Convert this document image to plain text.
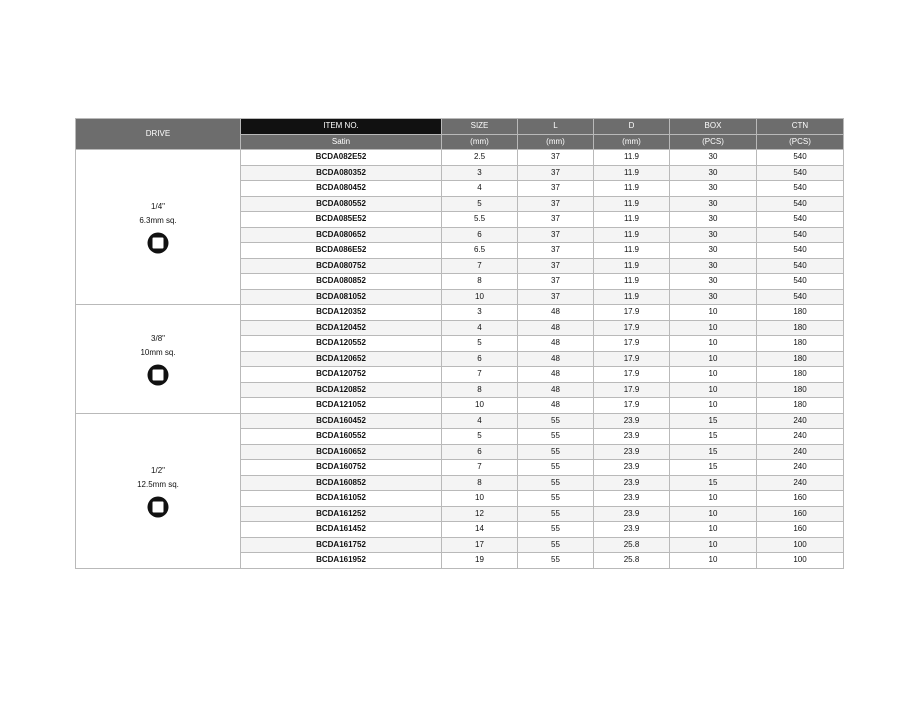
DRIVE	ITEM NO.	SIZE	L	D	BOX	CTN
	Satin	(mm)	(mm)	(mm)	(PCS)	(PCS)

1/4"
6.3mm sq.	BCDA082E52	2.5	37	11.9	30	540
	BCDA080352	3	37	11.9	30	540
	BCDA080452	4	37	11.9	30	540
	BCDA080552	5	37	11.9	30	540
	BCDA085E52	5.5	37	11.9	30	540
	BCDA080652	6	37	11.9	30	540
	BCDA086E52	6.5	37	11.9	30	540
	BCDA080752	7	37	11.9	30	540
	BCDA080852	8	37	11.9	30	540
	BCDA081052	10	37	11.9	30	540

3/8"
10mm sq.	BCDA120352	3	48	17.9	10	180
	BCDA120452	4	48	17.9	10	180
	BCDA120552	5	48	17.9	10	180
	BCDA120652	6	48	17.9	10	180
	BCDA120752	7	48	17.9	10	180
	BCDA120852	8	48	17.9	10	180
	BCDA121052	10	48	17.9	10	180

1/2"
12.5mm sq.	BCDA160452	4	55	23.9	15	240
	BCDA160552	5	55	23.9	15	240
	BCDA160652	6	55	23.9	15	240
	BCDA160752	7	55	23.9	15	240
	BCDA160852	8	55	23.9	15	240
	BCDA161052	10	55	23.9	10	160
	BCDA161252	12	55	23.9	10	160
	BCDA161452	14	55	23.9	10	160
	BCDA161752	17	55	25.8	10	100
	BCDA161952	19	55	25.8	10	100
